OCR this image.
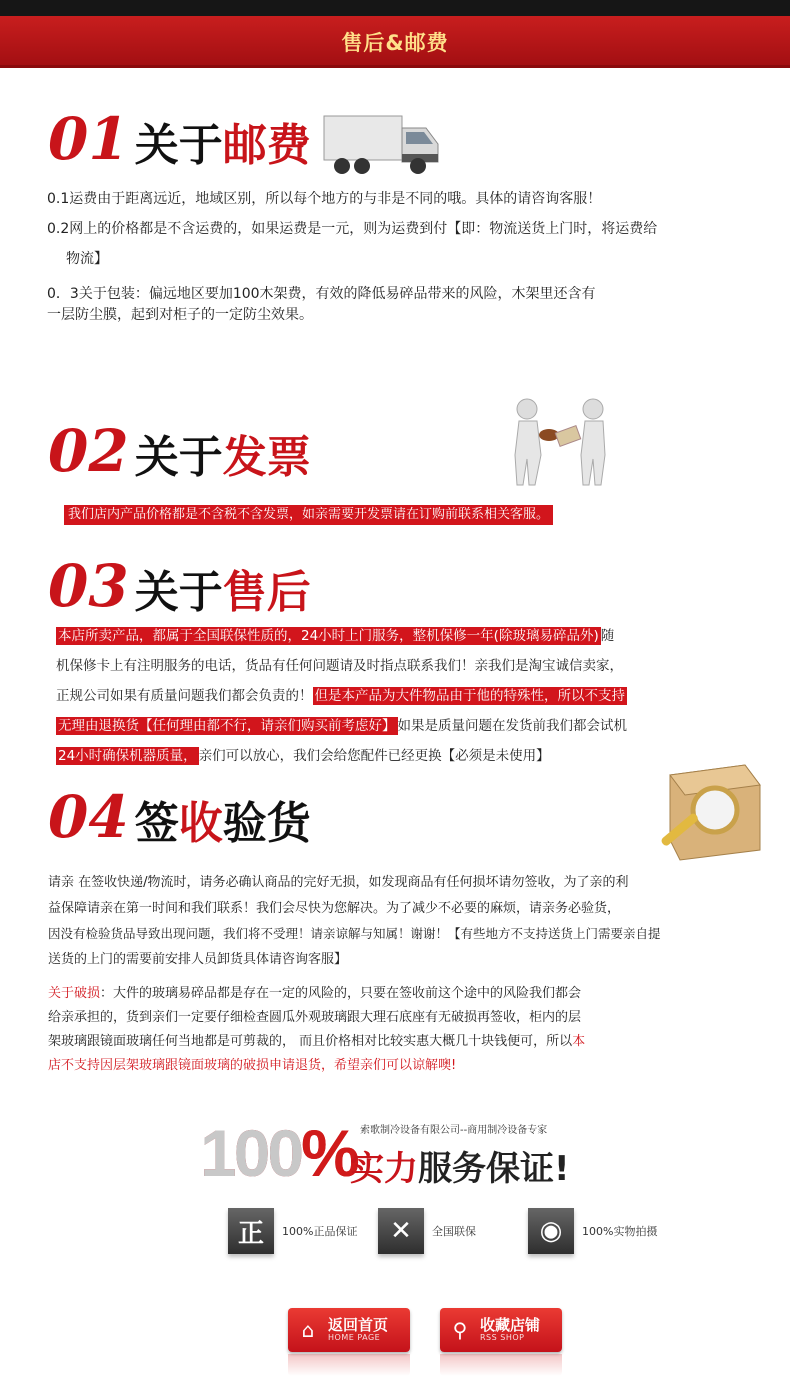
售后&邮费
01 关于 邮费
0.1运费由于距离远近，地域区别，所以每个地方的与非是不同的哦。具体的请咨询客服！
0.2网上的价格都是不含运费的，如果运费是一元，则为运费到付【即：物流送货上门时，将运费给
物流】
0．3关于包装：偏远地区要加100木架费，有效的降低易碎品带来的风险，木架里还含有
一层防尘膜，起到对柜子的一定防尘效果。
02 关于 发票
我们店内产品价格都是不含税不含发票，如亲需要开发票请在订购前联系相关客服。
03 关于 售后
本店所卖产品，都属于全国联保性质的，24小时上门服务，整机保修一年(除玻璃易碎品外) 随
机保修卡上有注明服务的电话，货品有任何问题请及时指点联系我们！亲我们是淘宝诚信卖家，
正规公司如果有质量问题我们都会负责的！ 但是本产品为大件物品由于他的特殊性，所以不支持
无理由退换货【任何理由都不行，请亲们购买前考虑好】 如果是质量问题在发货前我们都会试机
24小时确保机器质量， 亲们可以放心，我们会给您配件已经更换【必须是未使用】
04 签 收 验货
请亲 在签收快递/物流时，请务必确认商品的完好无损，如发现商品有任何损坏请勿签收，为了亲的利
益保障请亲在第一时间和我们联系！我们会尽快为您解决。为了减少不必要的麻烦，请亲务必验货，
因没有检验货品导致出现问题，我们将不受理！请亲谅解与知属！谢谢！【有些地方不支持送货上门需要亲自提
送货的上门的需要前安排人员卸货具体请咨询客服】
关于破损：大件的玻璃易碎品都是存在一定的风险的，只要在签收前这个途中的风险我们都会
给亲承担的，货到亲们一定要仔细检查圆瓜外观玻璃跟大理石底座有无破损再签收，柜内的层
架玻璃跟镜面玻璃任何当地都是可剪裁的， 而且价格相对比较实惠大概几十块钱便可，所以本
店不支持因层架玻璃跟镜面玻璃的破损申请退货，希望亲们可以谅解噢!
100% 索歌制冷设备有限公司--商用制冷设备专家
实力服务保证!
正	100%正品保证	✕	全国联保	◉	100%实物拍摄
⌂ 返回首页
HOME PAGE	⚲ 收藏店铺
RSS SHOP
